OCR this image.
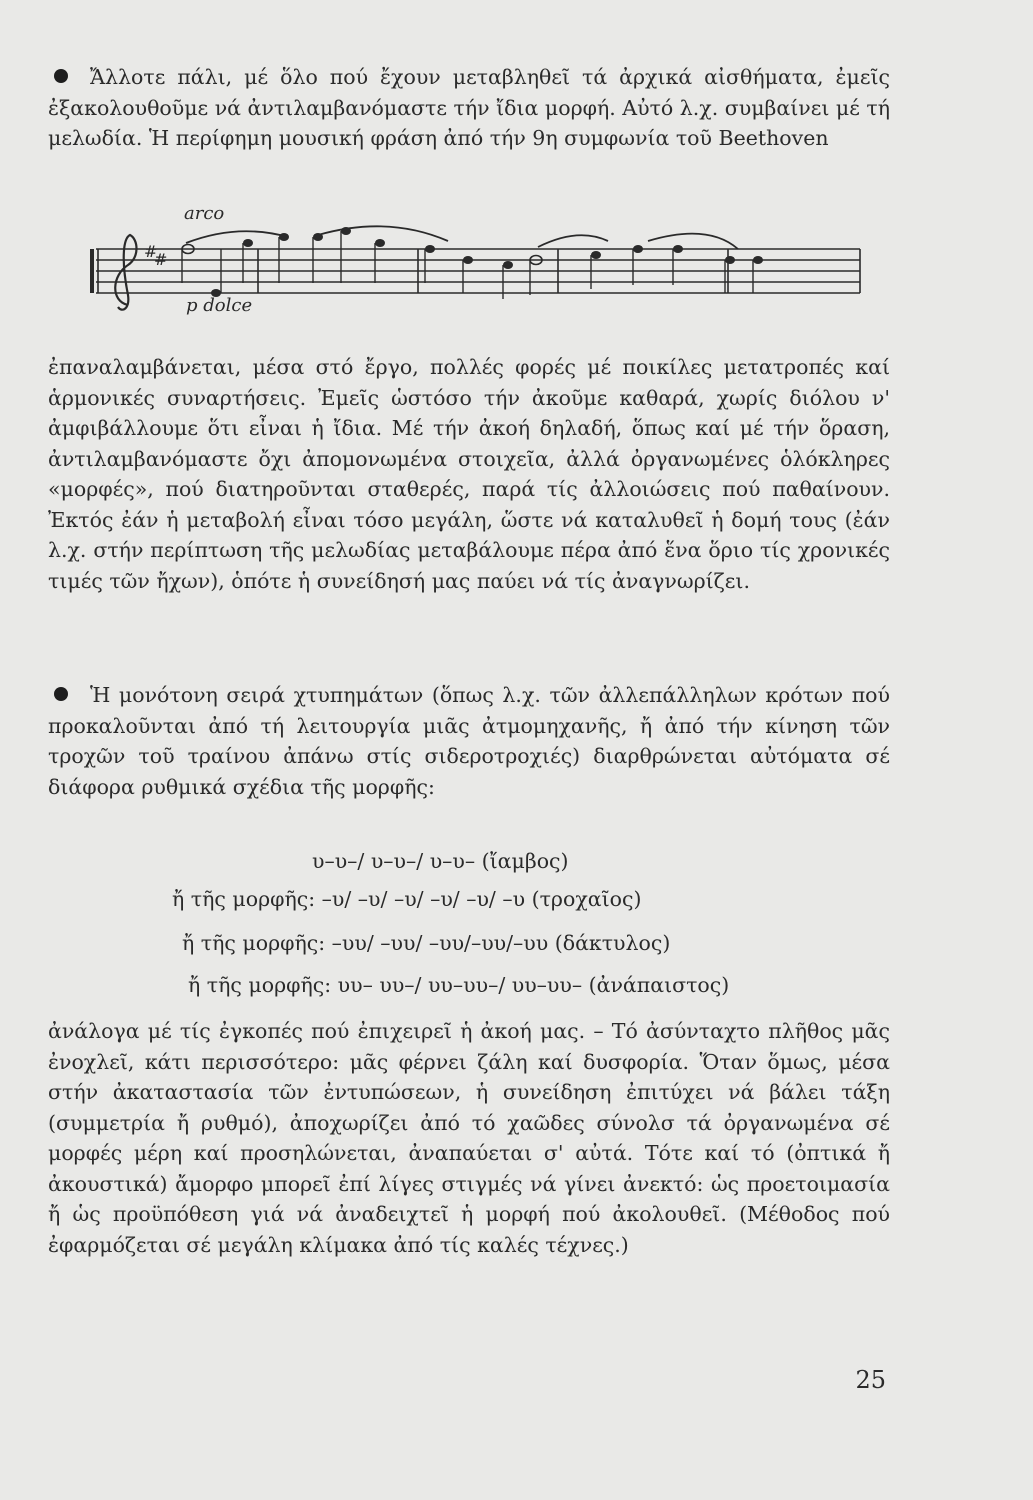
Ἄλλοτε πάλι, μέ ὅλο πού ἔχουν μεταβληθεῖ τά ἀρχικά αἰσθήματα, ἐμεῖς ἐξακολουθοῦμε νά ἀντιλαμβανόμαστε τήν ἴδια μορφή. Αὐτό λ.χ. συμβαίνει μέ τή μελωδία. Ἡ περίφημη μουσική φράση ἀπό τήν 9η συμφωνία τοῦ Beethoven

#
#
arco
p dolce

ἐπαναλαμβάνεται, μέσα στό ἔργο, πολλές φορές μέ ποικίλες μετατροπές καί ἁρμονικές συναρτήσεις. Ἐμεῖς ὡστόσο τήν ἀκοῦμε καθαρά, χωρίς διόλου ν' ἀμφιβάλλουμε ὅτι εἶναι ἡ ἴδια. Μέ τήν ἀκοή δηλαδή, ὅπως καί μέ τήν ὅραση, ἀντιλαμβανόμαστε ὄχι ἀπομονωμένα στοιχεῖα, ἀλλά ὀργανωμένες ὁλόκληρες «μορφές», πού διατηροῦνται σταθερές, παρά τίς ἀλλοιώσεις πού παθαίνουν. Ἐκτός ἐάν ἡ μεταβολή εἶναι τόσο μεγάλη, ὥστε νά καταλυθεῖ ἡ δομή τους (ἐάν λ.χ. στήν περίπτωση τῆς μελωδίας μεταβάλουμε πέρα ἀπό ἕνα ὅριο τίς χρονικές τιμές τῶν ἤχων), ὁπότε ἡ συνείδησή μας παύει νά τίς ἀναγνωρίζει.

Ἡ μονότονη σειρά χτυπημάτων (ὅπως λ.χ. τῶν ἀλλεπάλληλων κρότων πού προκαλοῦνται ἀπό τή λειτουργία μιᾶς ἀτμομηχανῆς, ἤ ἀπό τήν κίνηση τῶν τροχῶν τοῦ τραίνου ἀπάνω στίς σιδεροτροχιές) διαρθρώνεται αὐτόματα σέ διάφορα ρυθμικά σχέδια τῆς μορφῆς:

υ–υ–/ υ–υ–/ υ–υ– (ἴαμβος)

ἤ τῆς μορφῆς: –υ/ –υ/ –υ/ –υ/ –υ/ –υ (τροχαῖος)

ἤ τῆς μορφῆς: –υυ/ –υυ/ –υυ/–υυ/–υυ (δάκτυλος)

ἤ τῆς μορφῆς: υυ– υυ–/ υυ–υυ–/ υυ–υυ– (ἀνάπαιστος)

ἀνάλογα μέ τίς ἐγκοπές πού ἐπιχειρεῖ ἡ ἀκοή μας. – Τό ἀσύνταχτο πλῆθος μᾶς ἐνοχλεῖ, κάτι περισσότερο: μᾶς φέρνει ζάλη καί δυσφορία. Ὅταν ὅμως, μέσα στήν ἀκαταστασία τῶν ἐντυπώσεων, ἡ συνείδηση ἐπιτύχει νά βάλει τάξη (συμμετρία ἤ ρυθμό), ἀποχωρίζει ἀπό τό χαῶδες σύνολσ τά ὀργανωμένα σέ μορφές μέρη καί προσηλώνεται, ἀναπαύεται σ' αὐτά. Τότε καί τό (ὀπτικά ἤ ἀκουστικά) ἄμορφο μπορεῖ ἐπί λίγες στιγμές νά γίνει ἀνεκτό: ὡς προετοιμασία ἤ ὡς προϋπόθεση γιά νά ἀναδειχτεῖ ἡ μορφή πού ἀκολουθεῖ. (Μέθοδος πού ἐφαρμόζεται σέ μεγάλη κλίμακα ἀπό τίς καλές τέχνες.)

25
